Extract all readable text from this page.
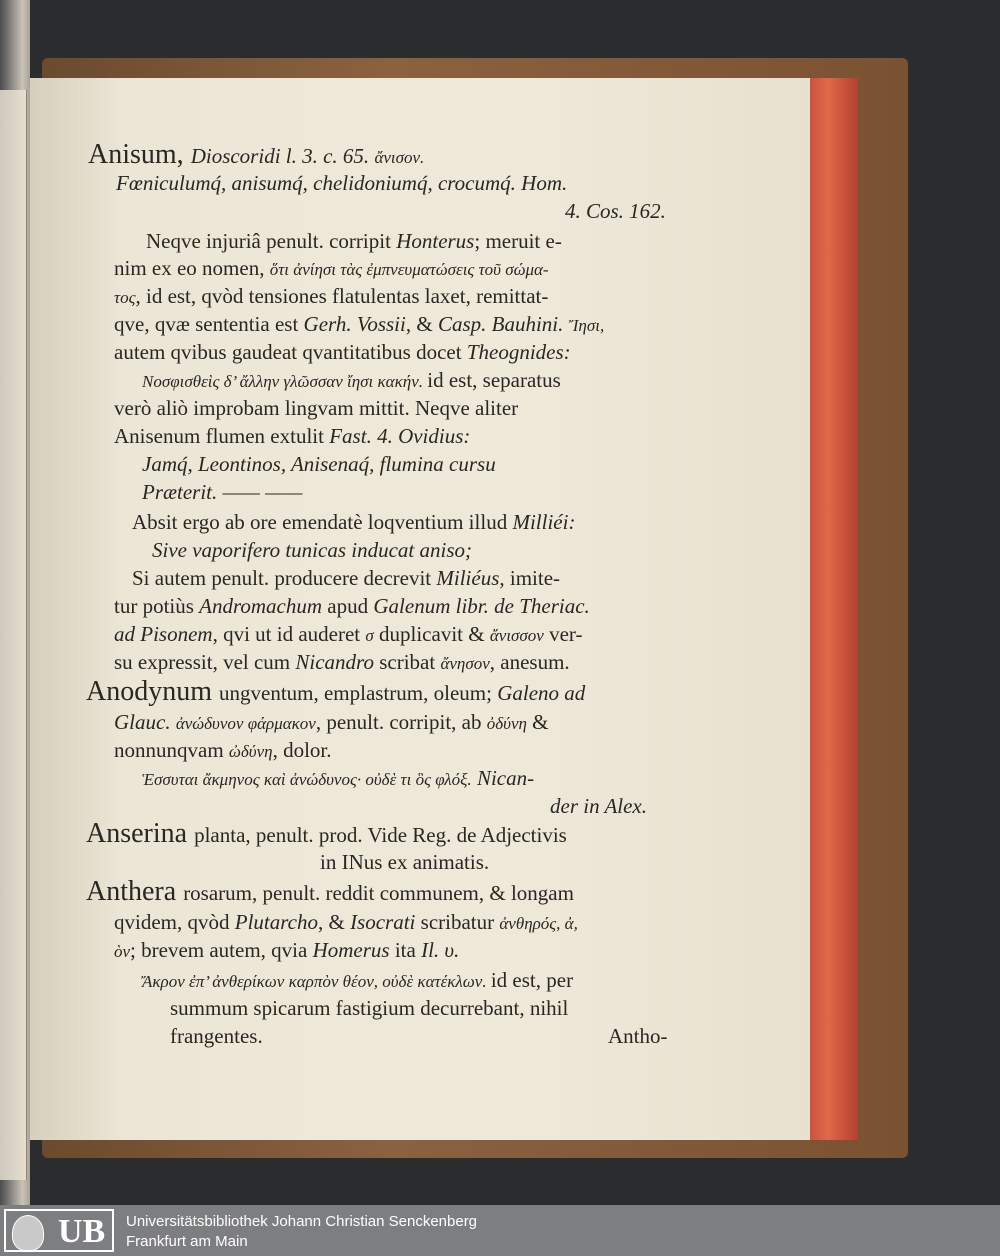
Anisum, Dioscoridi l. 3. c. 65. ἄνισον.
Fœniculumq́, anisumq́, chelidoniumq́, crocumq́. Hom.
4. Cos. 162.
Neqve injuriâ penult. corripit Honterus; meruit e-
nim ex eo nomen, ὅτι ἀνίησι τὰς ἐμπνευματώσεις τοῦ σώμα-
τος, id est, qvòd tensiones flatulentas laxet, remittat-
qve, qvæ sententia est Gerh. Vossii, & Casp. Bauhini. Ἴησι,
autem qvibus gaudeat qvantitatibus docet Theognides:
Νοσφισθεὶς δ’ ἄλλην γλῶσσαν ἴησι κακήν. id est, separatus
verò aliò improbam lingvam mittit. Neqve aliter
Anisenum flumen extulit Fast. 4. Ovidius:
Jamq́, Leontinos, Anisenaq́, flumina cursu
Præterit. —— ——
Absit ergo ab ore emendatè loqventium illud Milliéi:
Sive vaporifero tunicas inducat aniso;
Si autem penult. producere decrevit Miliéus, imite-
tur potiùs Andromachum apud Galenum libr. de Theriac.
ad Pisonem, qvi ut id auderet σ duplicavit & ἄνισσον ver-
su expressit, vel cum Nicandro scribat ἄνησον, anesum.
Anodynum ungventum, emplastrum, oleum; Galeno ad
Glauc. ἀνώδυνον φάρμακον, penult. corripit, ab ὀδύνη &
nonnunqvam ὠδύνη, dolor.
Ἑσσυται ἄκμηνος καὶ ἀνώδυνος· οὐδὲ τι ὃς φλόξ. Nican-
der in Alex.
Anserina planta, penult. prod. Vide Reg. de Adjectivis
in INus ex animatis.
Anthera rosarum, penult. reddit communem, & longam
qvidem, qvòd Plutarcho, & Isocrati scribatur ἀνθηρός, ἀ,
ὸν; brevem autem, qvia Homerus ita Il. υ.
Ἄκρον ἐπ’ ἀνθερίκων καρπὸν θέον, οὐδὲ κατέκλων. id est, per
summum spicarum fastigium decurrebant, nihil
frangentes.	Antho-
UB Universitätsbibliothek Johann Christian Senckenberg
Frankfurt am Main
